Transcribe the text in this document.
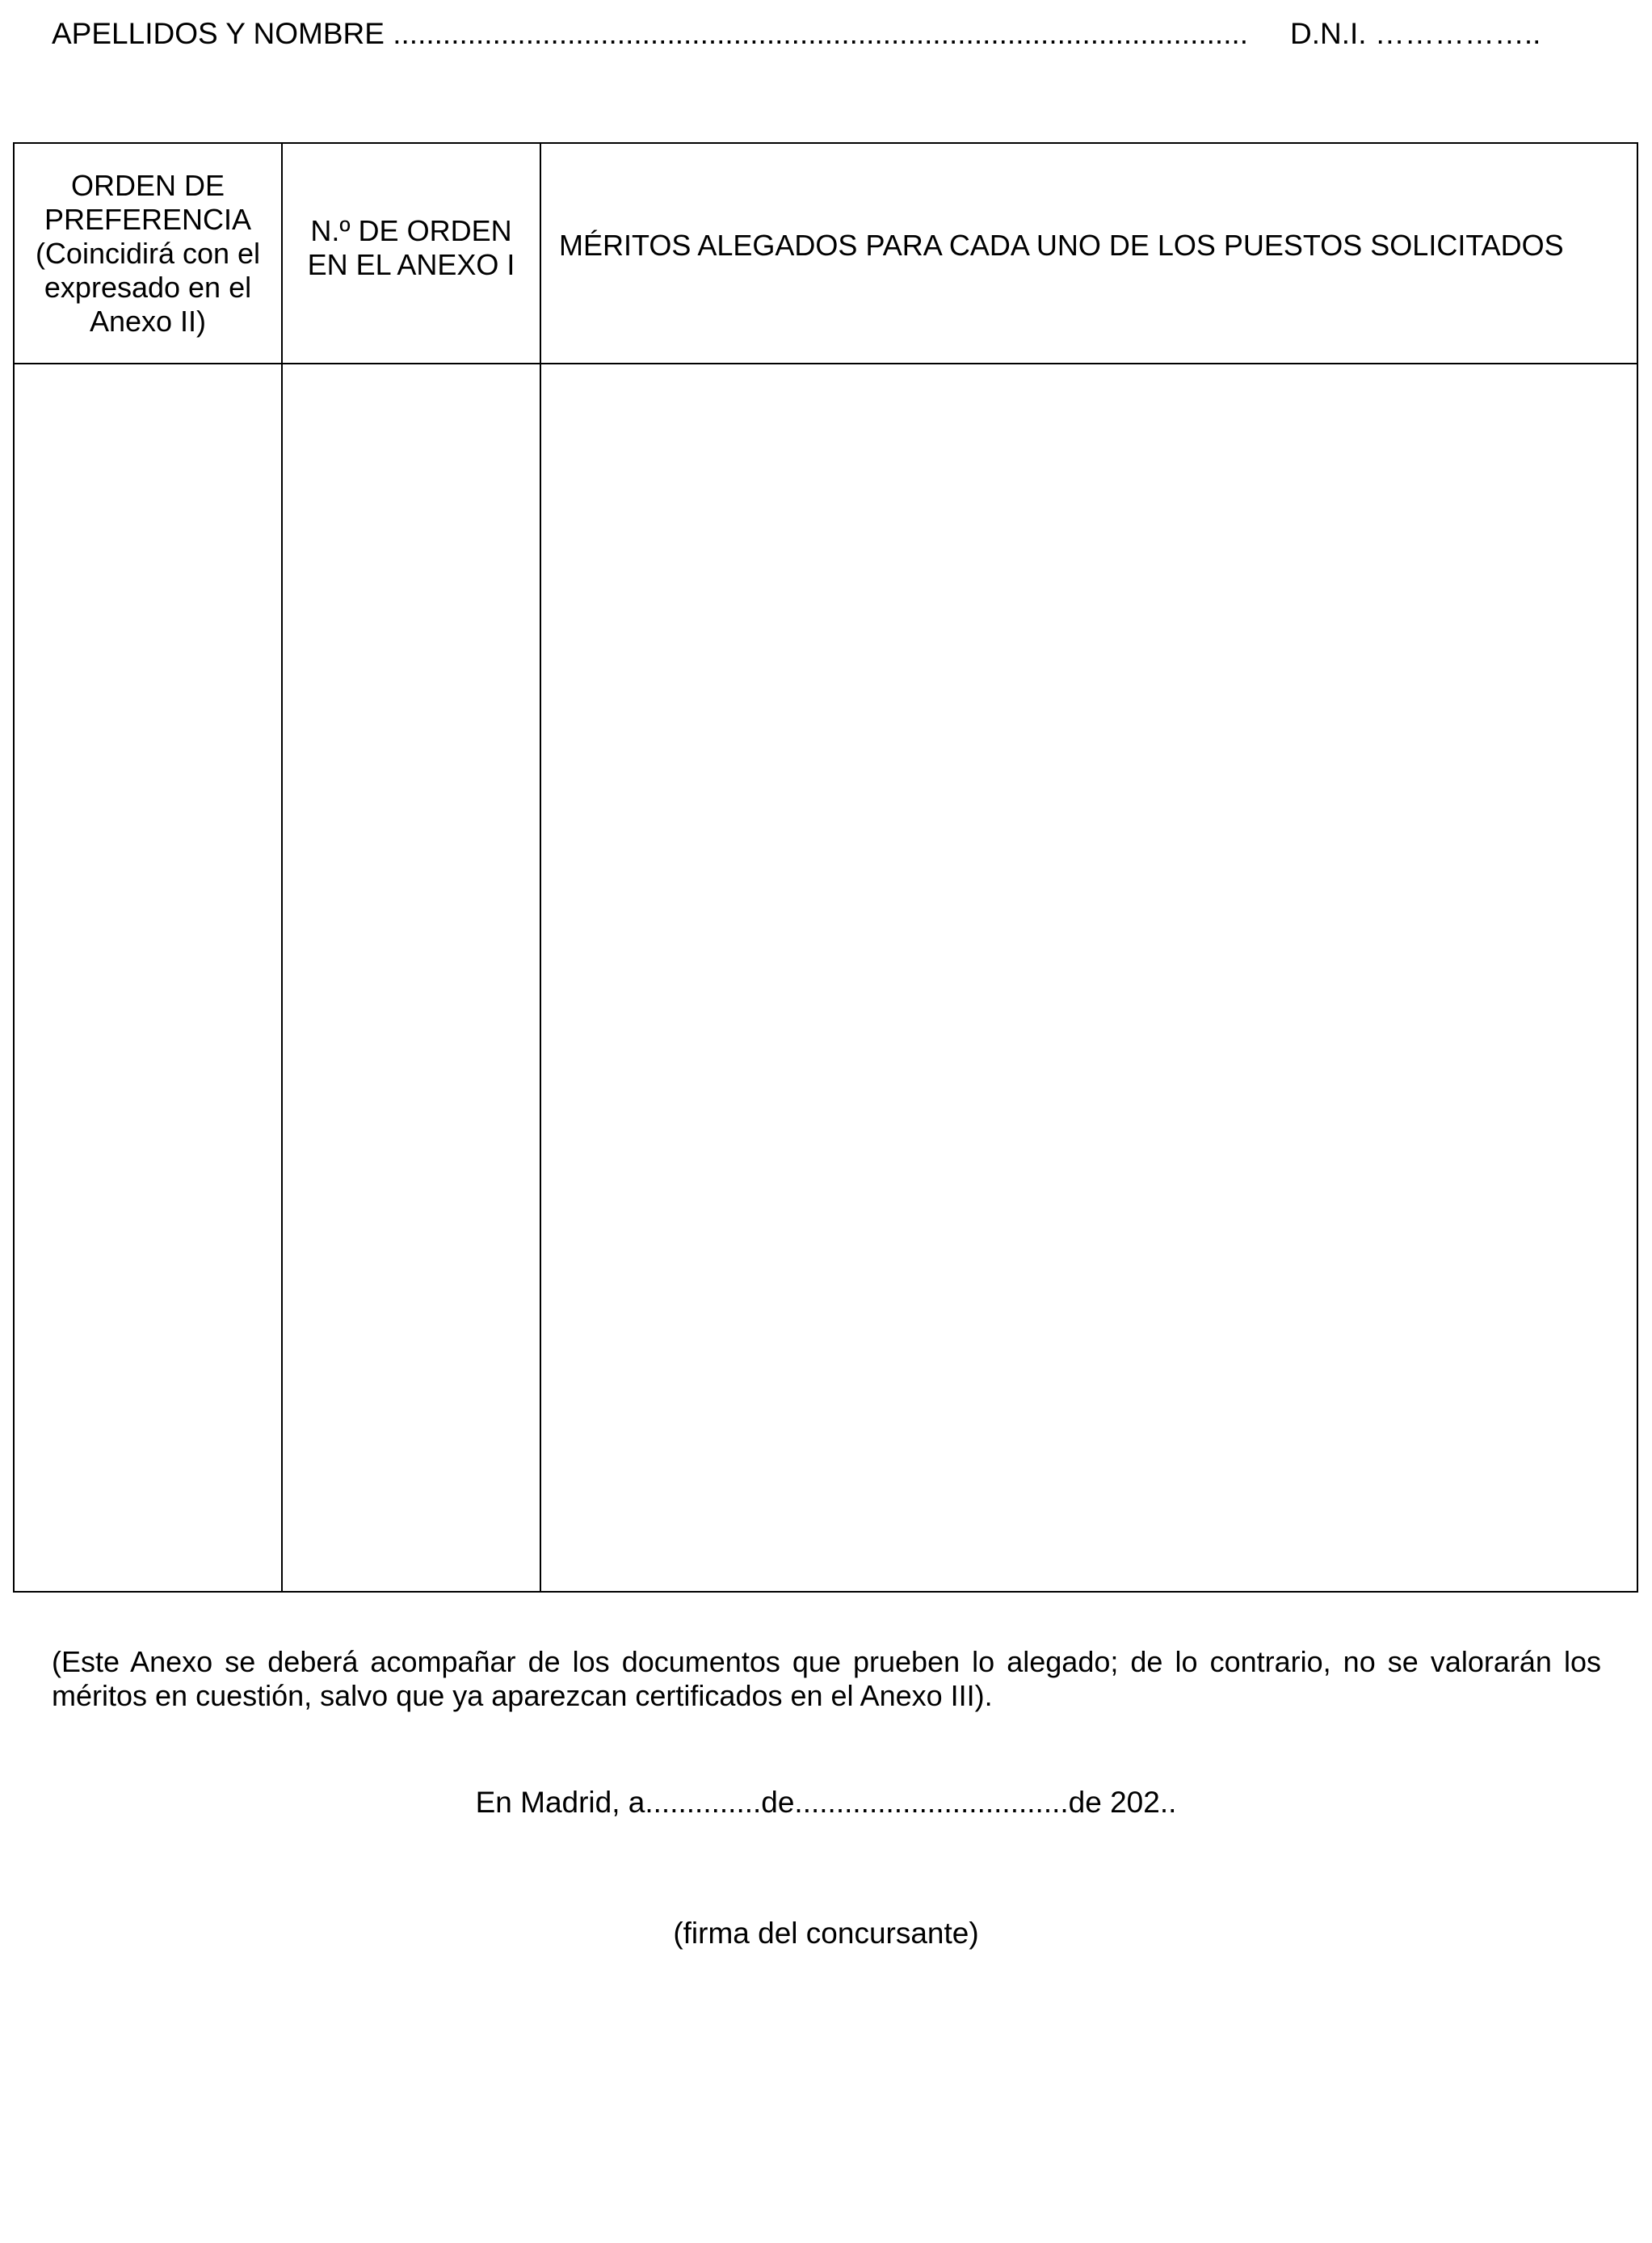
APELLIDOS Y NOMBRE ....................................................................................................... D.N.I. ……………..
ORDEN DE PREFERENCIA (Coincidirá con el expresado en el Anexo II)	N.º DE ORDEN EN EL ANEXO I	MÉRITOS ALEGADOS PARA CADA UNO DE LOS PUESTOS SOLICITADOS

(Este Anexo se deberá acompañar de los documentos que prueben lo alegado; de lo contrario, no se valorarán los méritos en cuestión, salvo que ya aparezcan certificados en el Anexo III).
En Madrid, a..............de.................................de 202..
(firma del concursante)
